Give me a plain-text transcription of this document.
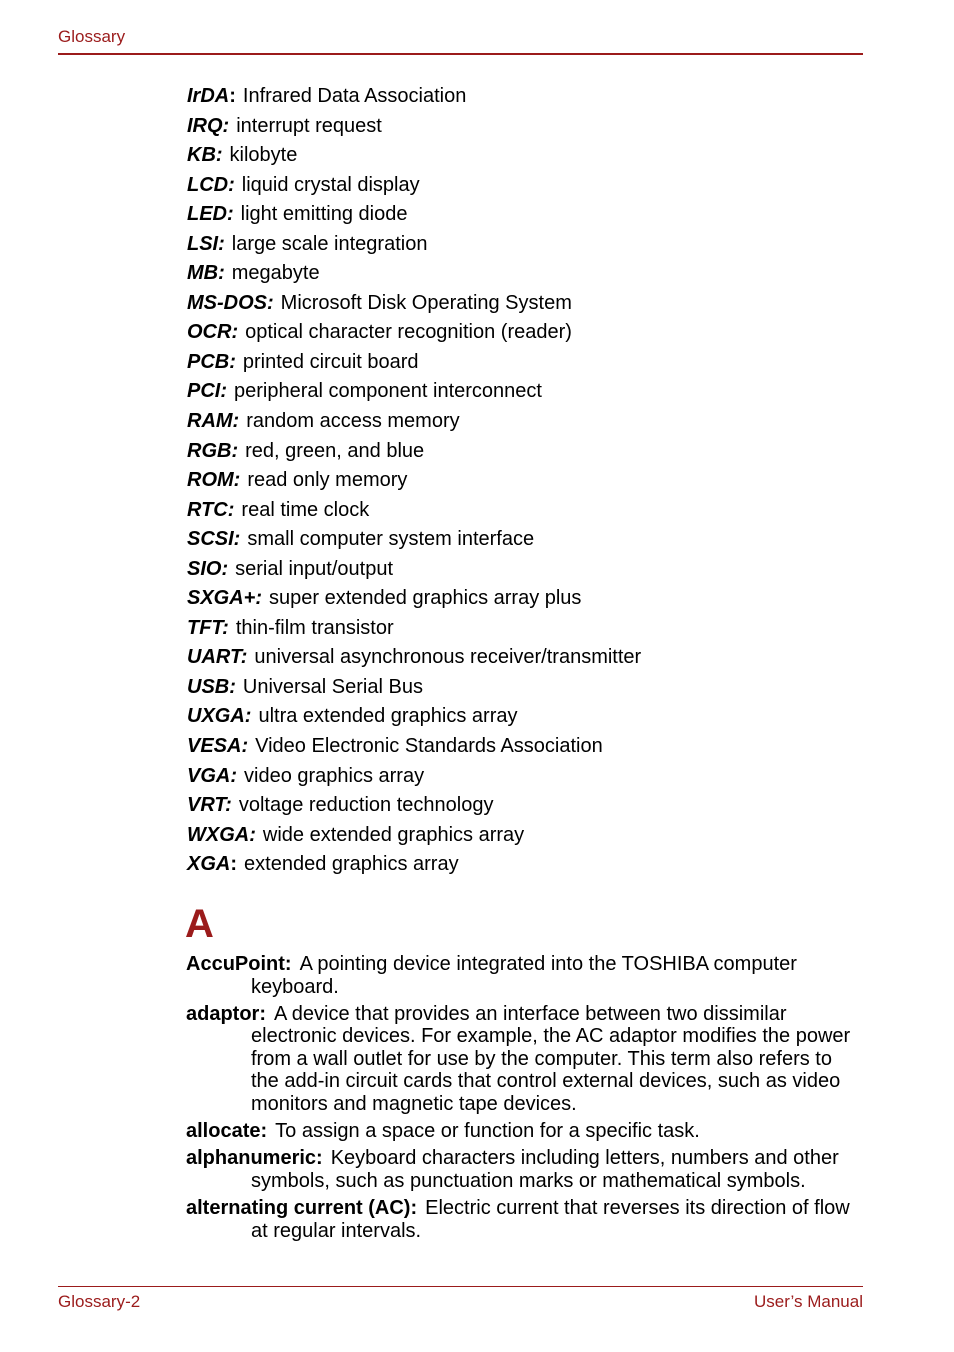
Glossary
IrDA: Infrared Data Association
IRQ: interrupt request
KB: kilobyte
LCD: liquid crystal display
LED: light emitting diode
LSI: large scale integration
MB: megabyte
MS-DOS: Microsoft Disk Operating System
OCR: optical character recognition (reader)
PCB: printed circuit board
PCI: peripheral component interconnect
RAM: random access memory
RGB: red, green, and blue
ROM: read only memory
RTC: real time clock
SCSI: small computer system interface
SIO: serial input/output
SXGA+: super extended graphics array plus
TFT: thin-film transistor
UART: universal asynchronous receiver/transmitter
USB: Universal Serial Bus
UXGA: ultra extended graphics array
VESA: Video Electronic Standards Association
VGA: video graphics array
VRT: voltage reduction technology
WXGA: wide extended graphics array
XGA: extended graphics array
A
AccuPoint: A pointing device integrated into the TOSHIBA computer keyboard.
adaptor: A device that provides an interface between two dissimilar electronic devices. For example, the AC adaptor modifies the power from a wall outlet for use by the computer. This term also refers to the add-in circuit cards that control external devices, such as video monitors and magnetic tape devices.
allocate: To assign a space or function for a specific task.
alphanumeric: Keyboard characters including letters, numbers and other symbols, such as punctuation marks or mathematical symbols.
alternating current (AC): Electric current that reverses its direction of flow at regular intervals.
Glossary-2	User’s Manual
